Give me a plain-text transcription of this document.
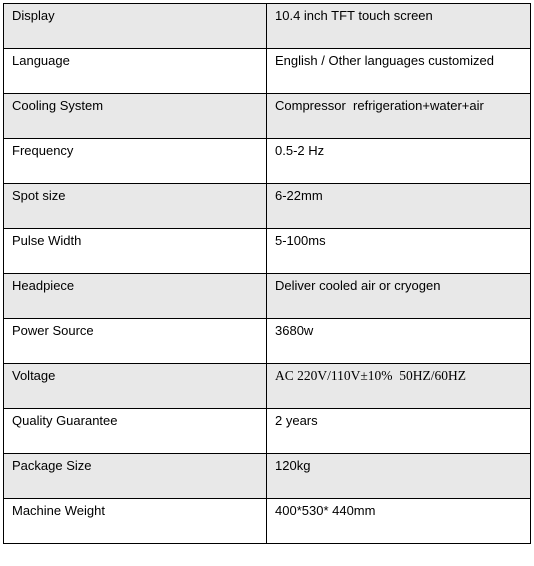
Display	10.4 inch TFT touch screen
Language	English / Other languages customized
Cooling System	Compressor  refrigeration+water+air
Frequency	0.5-2 Hz
Spot size	6-22mm
Pulse Width	5-100ms
Headpiece	Deliver cooled air or cryogen
Power Source	3680w
Voltage	AC 220V/110V±10%  50HZ/60HZ
Quality Guarantee	2 years
Package Size	120kg
Machine Weight	400*530* 440mm
